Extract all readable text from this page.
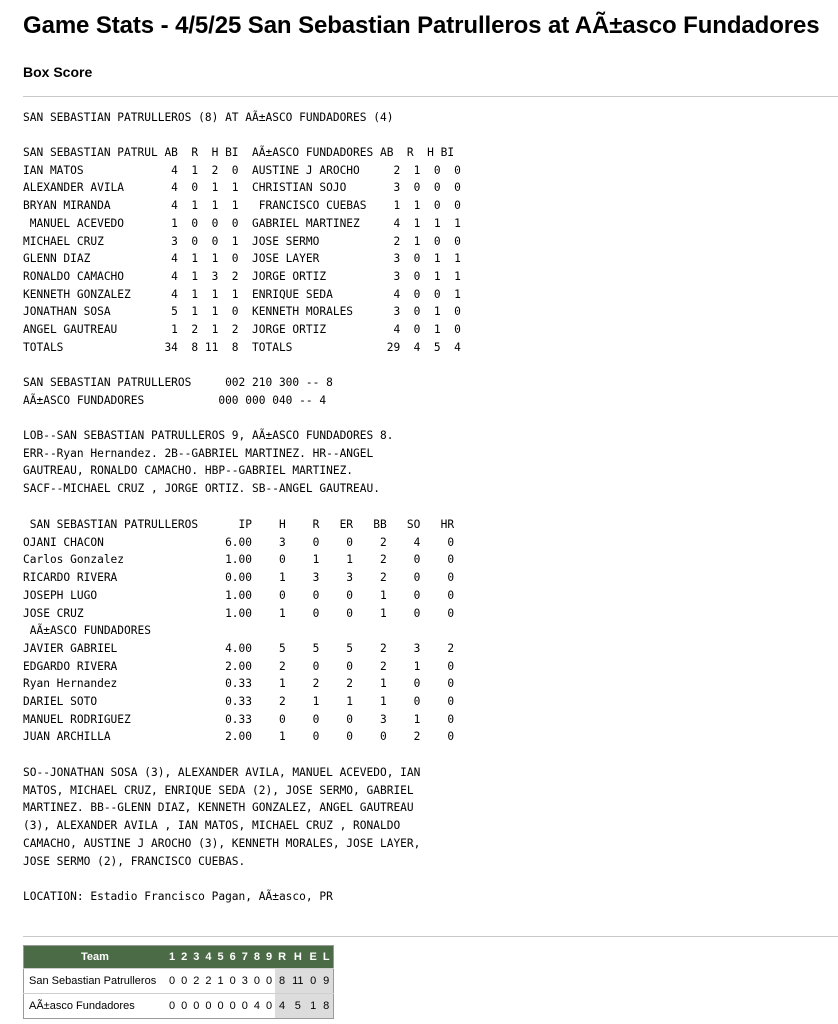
Game Stats - 4/5/25 San Sebastian Patrulleros at AÃ±asco Fundadores
Box Score
SAN SEBASTIAN PATRULLEROS (8) AT AÃ±ASCO FUNDADORES (4)
SAN SEBASTIAN PATRUL AB  R  H BI  AÃ±ASCO FUNDADORES AB  R  H BI
IAN MATOS             4  1  2  0  AUSTINE J AROCHO     2  1  0  0
ALEXANDER AVILA       4  0  1  1  CHRISTIAN SOJO       3  0  0  0
BRYAN MIRANDA         4  1  1  1   FRANCISCO CUEBAS    1  1  0  0
MANUEL ACEVEDO       1  0  0  0  GABRIEL MARTINEZ     4  1  1  1
MICHAEL CRUZ          3  0  0  1  JOSE SERMO           2  1  0  0
GLENN DIAZ            4  1  1  0  JOSE LAYER           3  0  1  1
RONALDO CAMACHO       4  1  3  2  JORGE ORTIZ          3  0  1  1
KENNETH GONZALEZ      4  1  1  1  ENRIQUE SEDA         4  0  0  1
JONATHAN SOSA         5  1  1  0  KENNETH MORALES      3  0  1  0
ANGEL GAUTREAU        1  2  1  2  JORGE ORTIZ          4  0  1  0
TOTALS               34  8 11  8  TOTALS              29  4  5  4
SAN SEBASTIAN PATRULLEROS     002 210 300 -- 8
AÃ±ASCO FUNDADORES           000 000 040 -- 4
LOB--SAN SEBASTIAN PATRULLEROS 9, AÃ±ASCO FUNDADORES 8.
ERR--Ryan Hernandez. 2B--GABRIEL MARTINEZ. HR--ANGEL
GAUTREAU, RONALDO CAMACHO. HBP--GABRIEL MARTINEZ.
SACF--MICHAEL CRUZ , JORGE ORTIZ. SB--ANGEL GAUTREAU.
SAN SEBASTIAN PATRULLEROS      IP    H    R   ER   BB   SO   HR
OJANI CHACON                  6.00    3    0    0    2    4    0
Carlos Gonzalez               1.00    0    1    1    2    0    0
RICARDO RIVERA                0.00    1    3    3    2    0    0
JOSEPH LUGO                   1.00    0    0    0    1    0    0
JOSE CRUZ                     1.00    1    0    0    1    0    0
AÃ±ASCO FUNDADORES
JAVIER GABRIEL                4.00    5    5    5    2    3    2
EDGARDO RIVERA                2.00    2    0    0    2    1    0
Ryan Hernandez                0.33    1    2    2    1    0    0
DARIEL SOTO                   0.33    2    1    1    1    0    0
MANUEL RODRIGUEZ              0.33    0    0    0    3    1    0
JUAN ARCHILLA                 2.00    1    0    0    0    2    0
SO--JONATHAN SOSA (3), ALEXANDER AVILA, MANUEL ACEVEDO, IAN
MATOS, MICHAEL CRUZ, ENRIQUE SEDA (2), JOSE SERMO, GABRIEL
MARTINEZ. BB--GLENN DIAZ, KENNETH GONZALEZ, ANGEL GAUTREAU
(3), ALEXANDER AVILA , IAN MATOS, MICHAEL CRUZ , RONALDO
CAMACHO, AUSTINE J AROCHO (3), KENNETH MORALES, JOSE LAYER,
JOSE SERMO (2), FRANCISCO CUEBAS.
LOCATION: Estadio Francisco Pagan, AÃ±asco, PR
Team	1	2	3	4	5	6	7	8	9	R	H	E	L
San Sebastian Patrulleros	0	0	2	2	1	0	3	0	0	8	11	0	9
AÃ±asco Fundadores	0	0	0	0	0	0	0	4	0	4	5	1	8
